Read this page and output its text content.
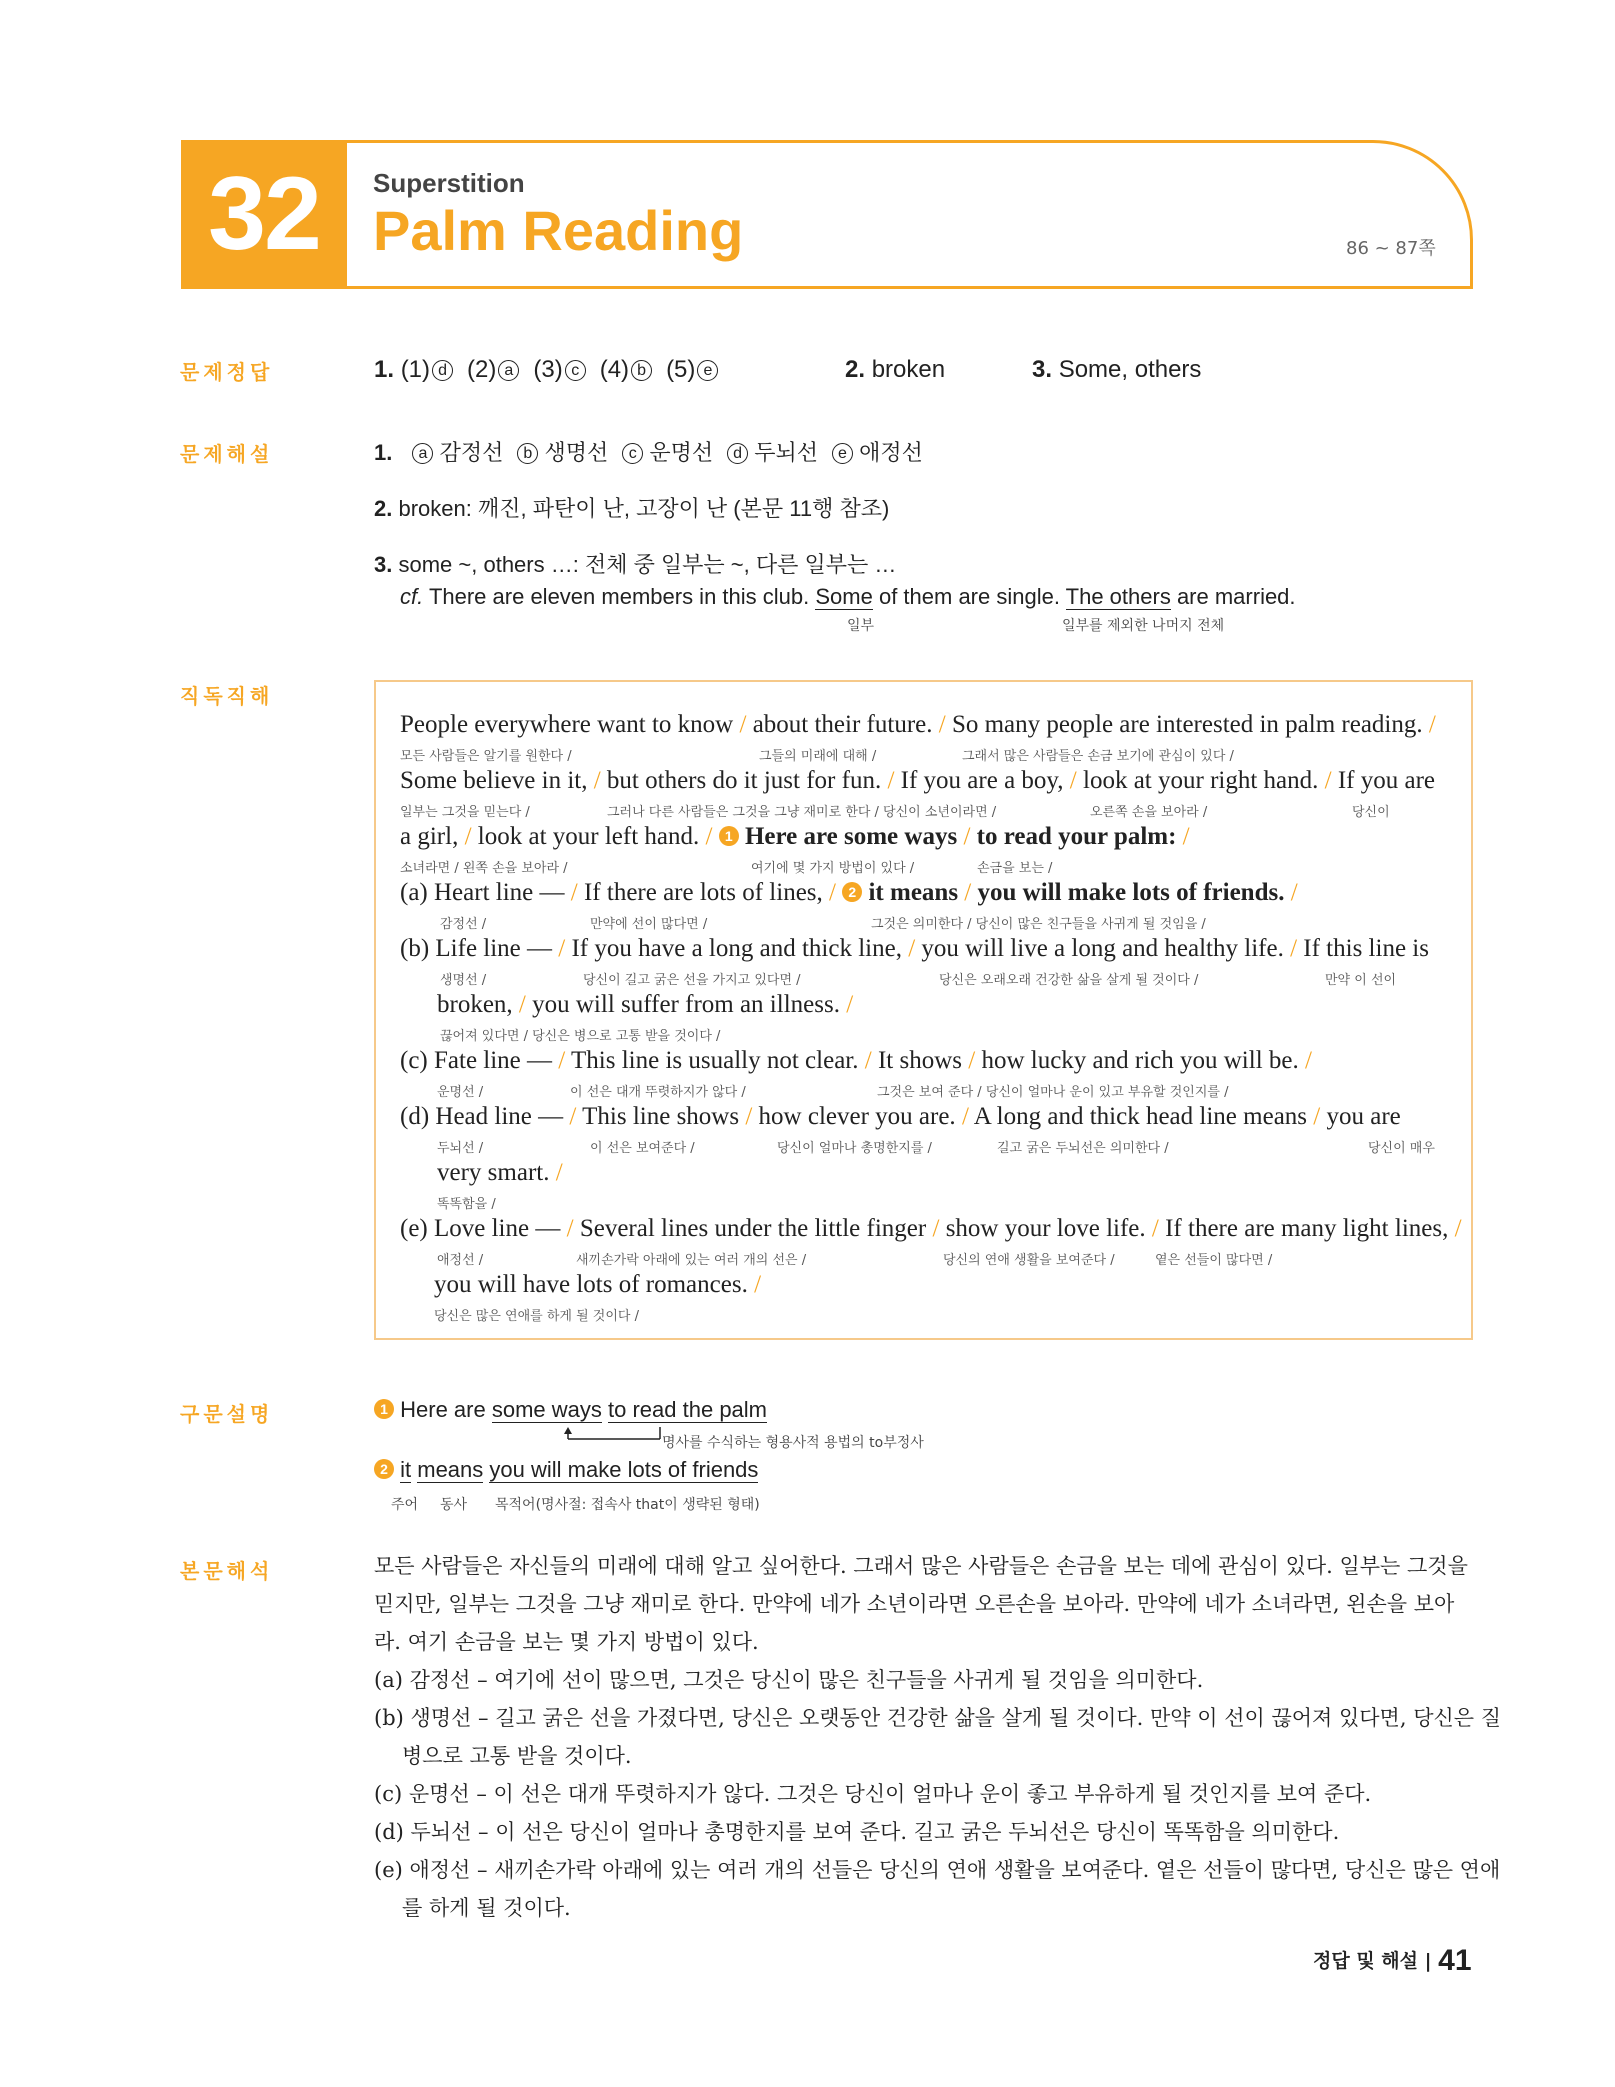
32	Superstition
Palm Reading	86 ~ 87쪽
문제정답	1. (1) d (2) a (3) c (4) b (5) e	2. broken	3. Some, others
문제해설	1. a 감정선 b 생명선 c 운명선 d 두뇌선 e 애정선
2. broken: 깨진, 파탄이 난, 고장이 난 (본문 11행 참조)
3. some ~, others …: 전체 중 일부는 ~, 다른 일부는 …
cf. There are eleven members in this club. Some of them are single. The others are married.
일부	일부를 제외한 나머지 전체
직독직해
People everywhere want to know / about their future. / So many people are interested in palm reading. /
모든 사람들은 알기를 원한다 /	그들의 미래에 대해 /	그래서 많은 사람들은 손금 보기에 관심이 있다 /
Some believe in it, / but others do it just for fun. / If you are a boy, / look at your right hand. / If you are
일부는 그것을 믿는다 /	그러나 다른 사람들은 그것을 그냥 재미로 한다 / 당신이 소년이라면 /	오른쪽 손을 보아라 /	당신이
a girl, / look at your left hand. / 1 Here are some ways / to read your palm: /
소녀라면 / 왼쪽 손을 보아라 /	여기에 몇 가지 방법이 있다 /	손금을 보는 /
(a) Heart line — / If there are lots of lines, / 2 it means / you will make lots of friends. /
감정선 /	만약에 선이 많다면 /	그것은 의미한다 / 당신이 많은 친구들을 사귀게 될 것임을 /
(b) Life line — / If you have a long and thick line, / you will live a long and healthy life. / If this line is
생명선 /	당신이 길고 굵은 선을 가지고 있다면 /	당신은 오래오래 건강한 삶을 살게 될 것이다 /	만약 이 선이
broken, / you will suffer from an illness. /
끊어져 있다면 / 당신은 병으로 고통 받을 것이다 /
(c) Fate line — / This line is usually not clear. / It shows / how lucky and rich you will be. /
운명선 /	이 선은 대개 뚜렷하지가 않다 /	그것은 보여 준다 / 당신이 얼마나 운이 있고 부유할 것인지를 /
(d) Head line — / This line shows / how clever you are. / A long and thick head line means / you are
두뇌선 /	이 선은 보여준다 /	당신이 얼마나 총명한지를 /	길고 굵은 두뇌선은 의미한다 /	당신이 매우
very smart. /
똑똑함을 /
(e) Love line — / Several lines under the little finger / show your love life. / If there are many light lines, /
애정선 /	새끼손가락 아래에 있는 여러 개의 선은 /	당신의 연애 생활을 보여준다 /	옅은 선들이 많다면 /
you will have lots of romances. /
당신은 많은 연애를 하게 될 것이다 /
구문설명	1 Here are some ways to read the palm
명사를 수식하는 형용사적 용법의 to부정사
2 it means you will make lots of friends
주어 동사 목적어(명사절: 접속사 that이 생략된 형태)
본문해석	모든 사람들은 자신들의 미래에 대해 알고 싶어한다. 그래서 많은 사람들은 손금을 보는 데에 관심이 있다. 일부는 그것을 믿지만, 일부는 그것을 그냥 재미로 한다. 만약에 네가 소년이라면 오른손을 보아라. 만약에 네가 소녀라면, 왼손을 보아라. 여기 손금을 보는 몇 가지 방법이 있다.
(a) 감정선 – 여기에 선이 많으면, 그것은 당신이 많은 친구들을 사귀게 될 것임을 의미한다.
(b) 생명선 – 길고 굵은 선을 가졌다면, 당신은 오랫동안 건강한 삶을 살게 될 것이다. 만약 이 선이 끊어져 있다면, 당신은 질병으로 고통 받을 것이다.
(c) 운명선 – 이 선은 대개 뚜렷하지가 않다. 그것은 당신이 얼마나 운이 좋고 부유하게 될 것인지를 보여 준다.
(d) 두뇌선 – 이 선은 당신이 얼마나 총명한지를 보여 준다. 길고 굵은 두뇌선은 당신이 똑똑함을 의미한다.
(e) 애정선 – 새끼손가락 아래에 있는 여러 개의 선들은 당신의 연애 생활을 보여준다. 옅은 선들이 많다면, 당신은 많은 연애를 하게 될 것이다.
정답 및 해설 | 41
